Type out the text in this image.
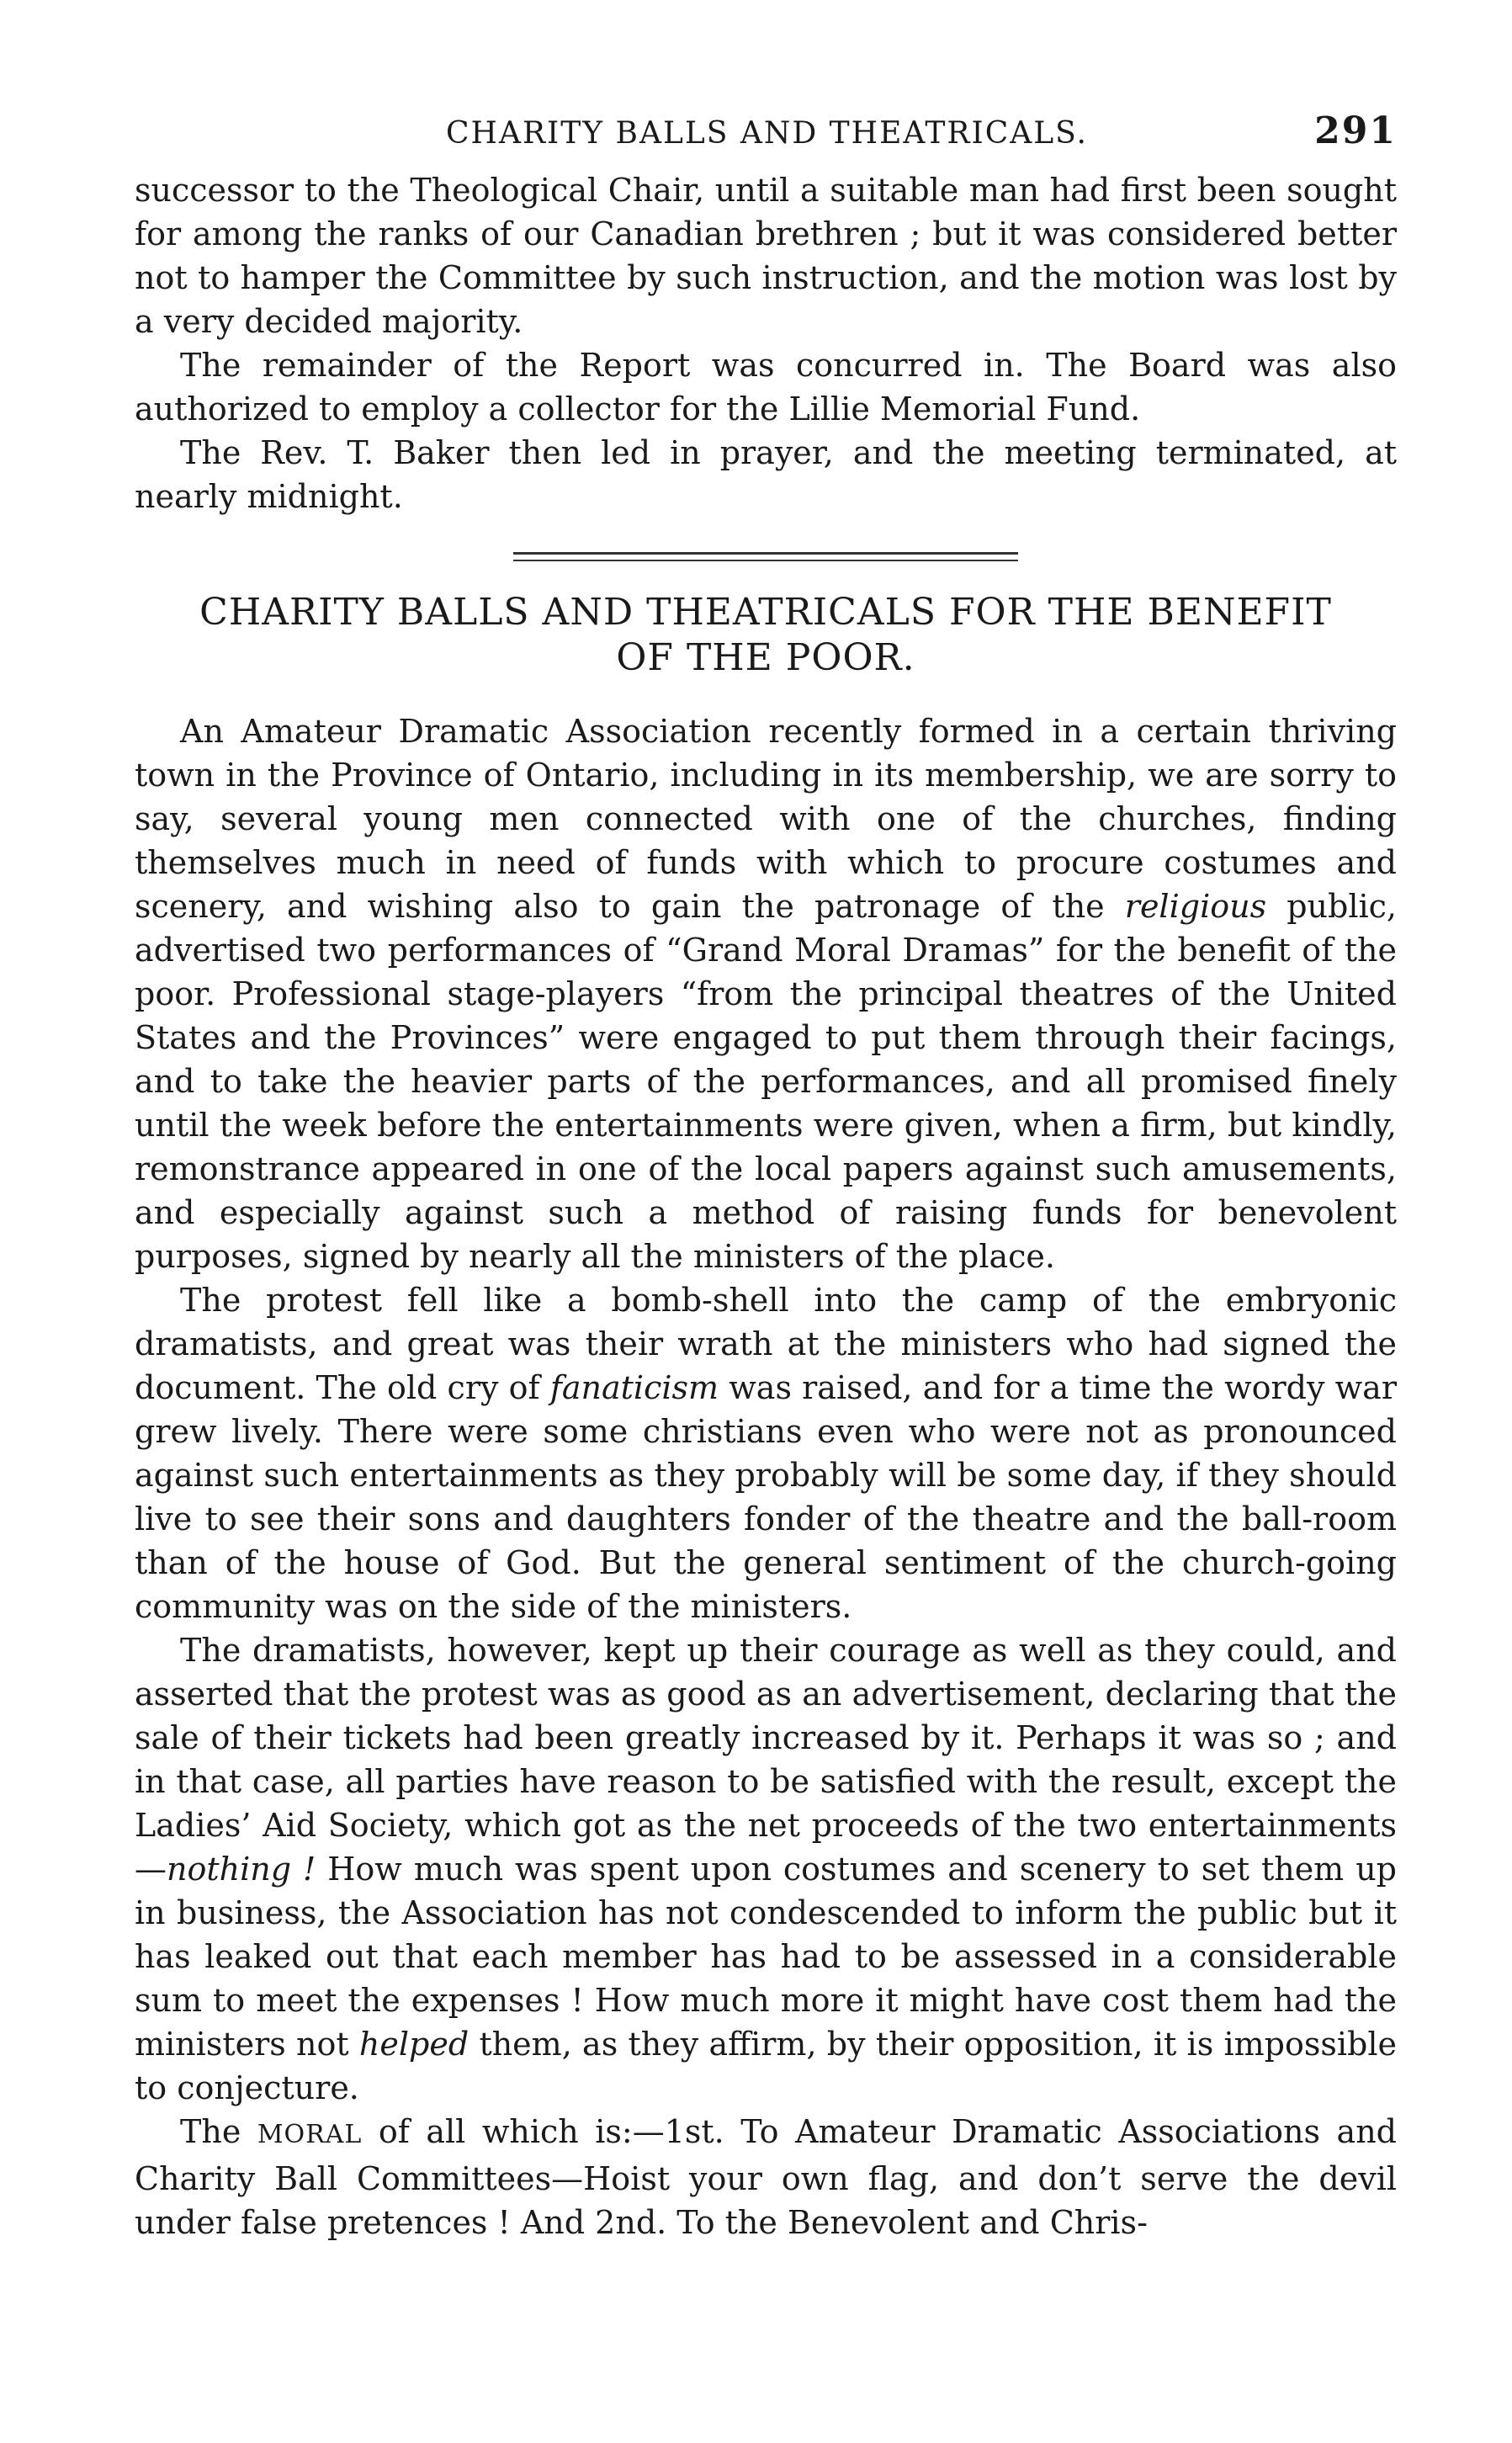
CHARITY BALLS AND THEATRICALS.	291

successor to the Theological Chair, until a suitable man had first been sought for among the ranks of our Canadian brethren ; but it was considered better not to hamper the Committee by such instruction, and the motion was lost by a very decided majority.

The remainder of the Report was concurred in. The Board was also authorized to employ a collector for the Lillie Memorial Fund.

The Rev. T. Baker then led in prayer, and the meeting terminated, at nearly midnight.

CHARITY BALLS AND THEATRICALS FOR THE BENEFIT
OF THE POOR.

An Amateur Dramatic Association recently formed in a certain thriving town in the Province of Ontario, including in its membership, we are sorry to say, several young men connected with one of the churches, finding themselves much in need of funds with which to procure costumes and scenery, and wishing also to gain the patronage of the religious public, advertised two performances of “Grand Moral Dramas” for the benefit of the poor. Professional stage-players “from the principal theatres of the United States and the Provinces” were engaged to put them through their facings, and to take the heavier parts of the performances, and all promised finely until the week before the entertainments were given, when a firm, but kindly, remonstrance appeared in one of the local papers against such amusements, and especially against such a method of raising funds for benevolent purposes, signed by nearly all the ministers of the place.

The protest fell like a bomb-shell into the camp of the embryonic dramatists, and great was their wrath at the ministers who had signed the document. The old cry of fanaticism was raised, and for a time the wordy war grew lively. There were some christians even who were not as pronounced against such entertainments as they probably will be some day, if they should live to see their sons and daughters fonder of the theatre and the ball-room than of the house of God. But the general sentiment of the church-going community was on the side of the ministers.

The dramatists, however, kept up their courage as well as they could, and asserted that the protest was as good as an advertisement, declaring that the sale of their tickets had been greatly increased by it. Perhaps it was so ; and in that case, all parties have reason to be satisfied with the result, except the Ladies’ Aid Society, which got as the net proceeds of the two entertainments—nothing ! How much was spent upon costumes and scenery to set them up in business, the Association has not condescended to inform the public but it has leaked out that each member has had to be assessed in a considerable sum to meet the expenses ! How much more it might have cost them had the ministers not helped them, as they affirm, by their opposition, it is impossible to conjecture.

The MORAL of all which is:—1st. To Amateur Dramatic Associations and Charity Ball Committees—Hoist your own flag, and don’t serve the devil under false pretences ! And 2nd. To the Benevolent and Chris-
